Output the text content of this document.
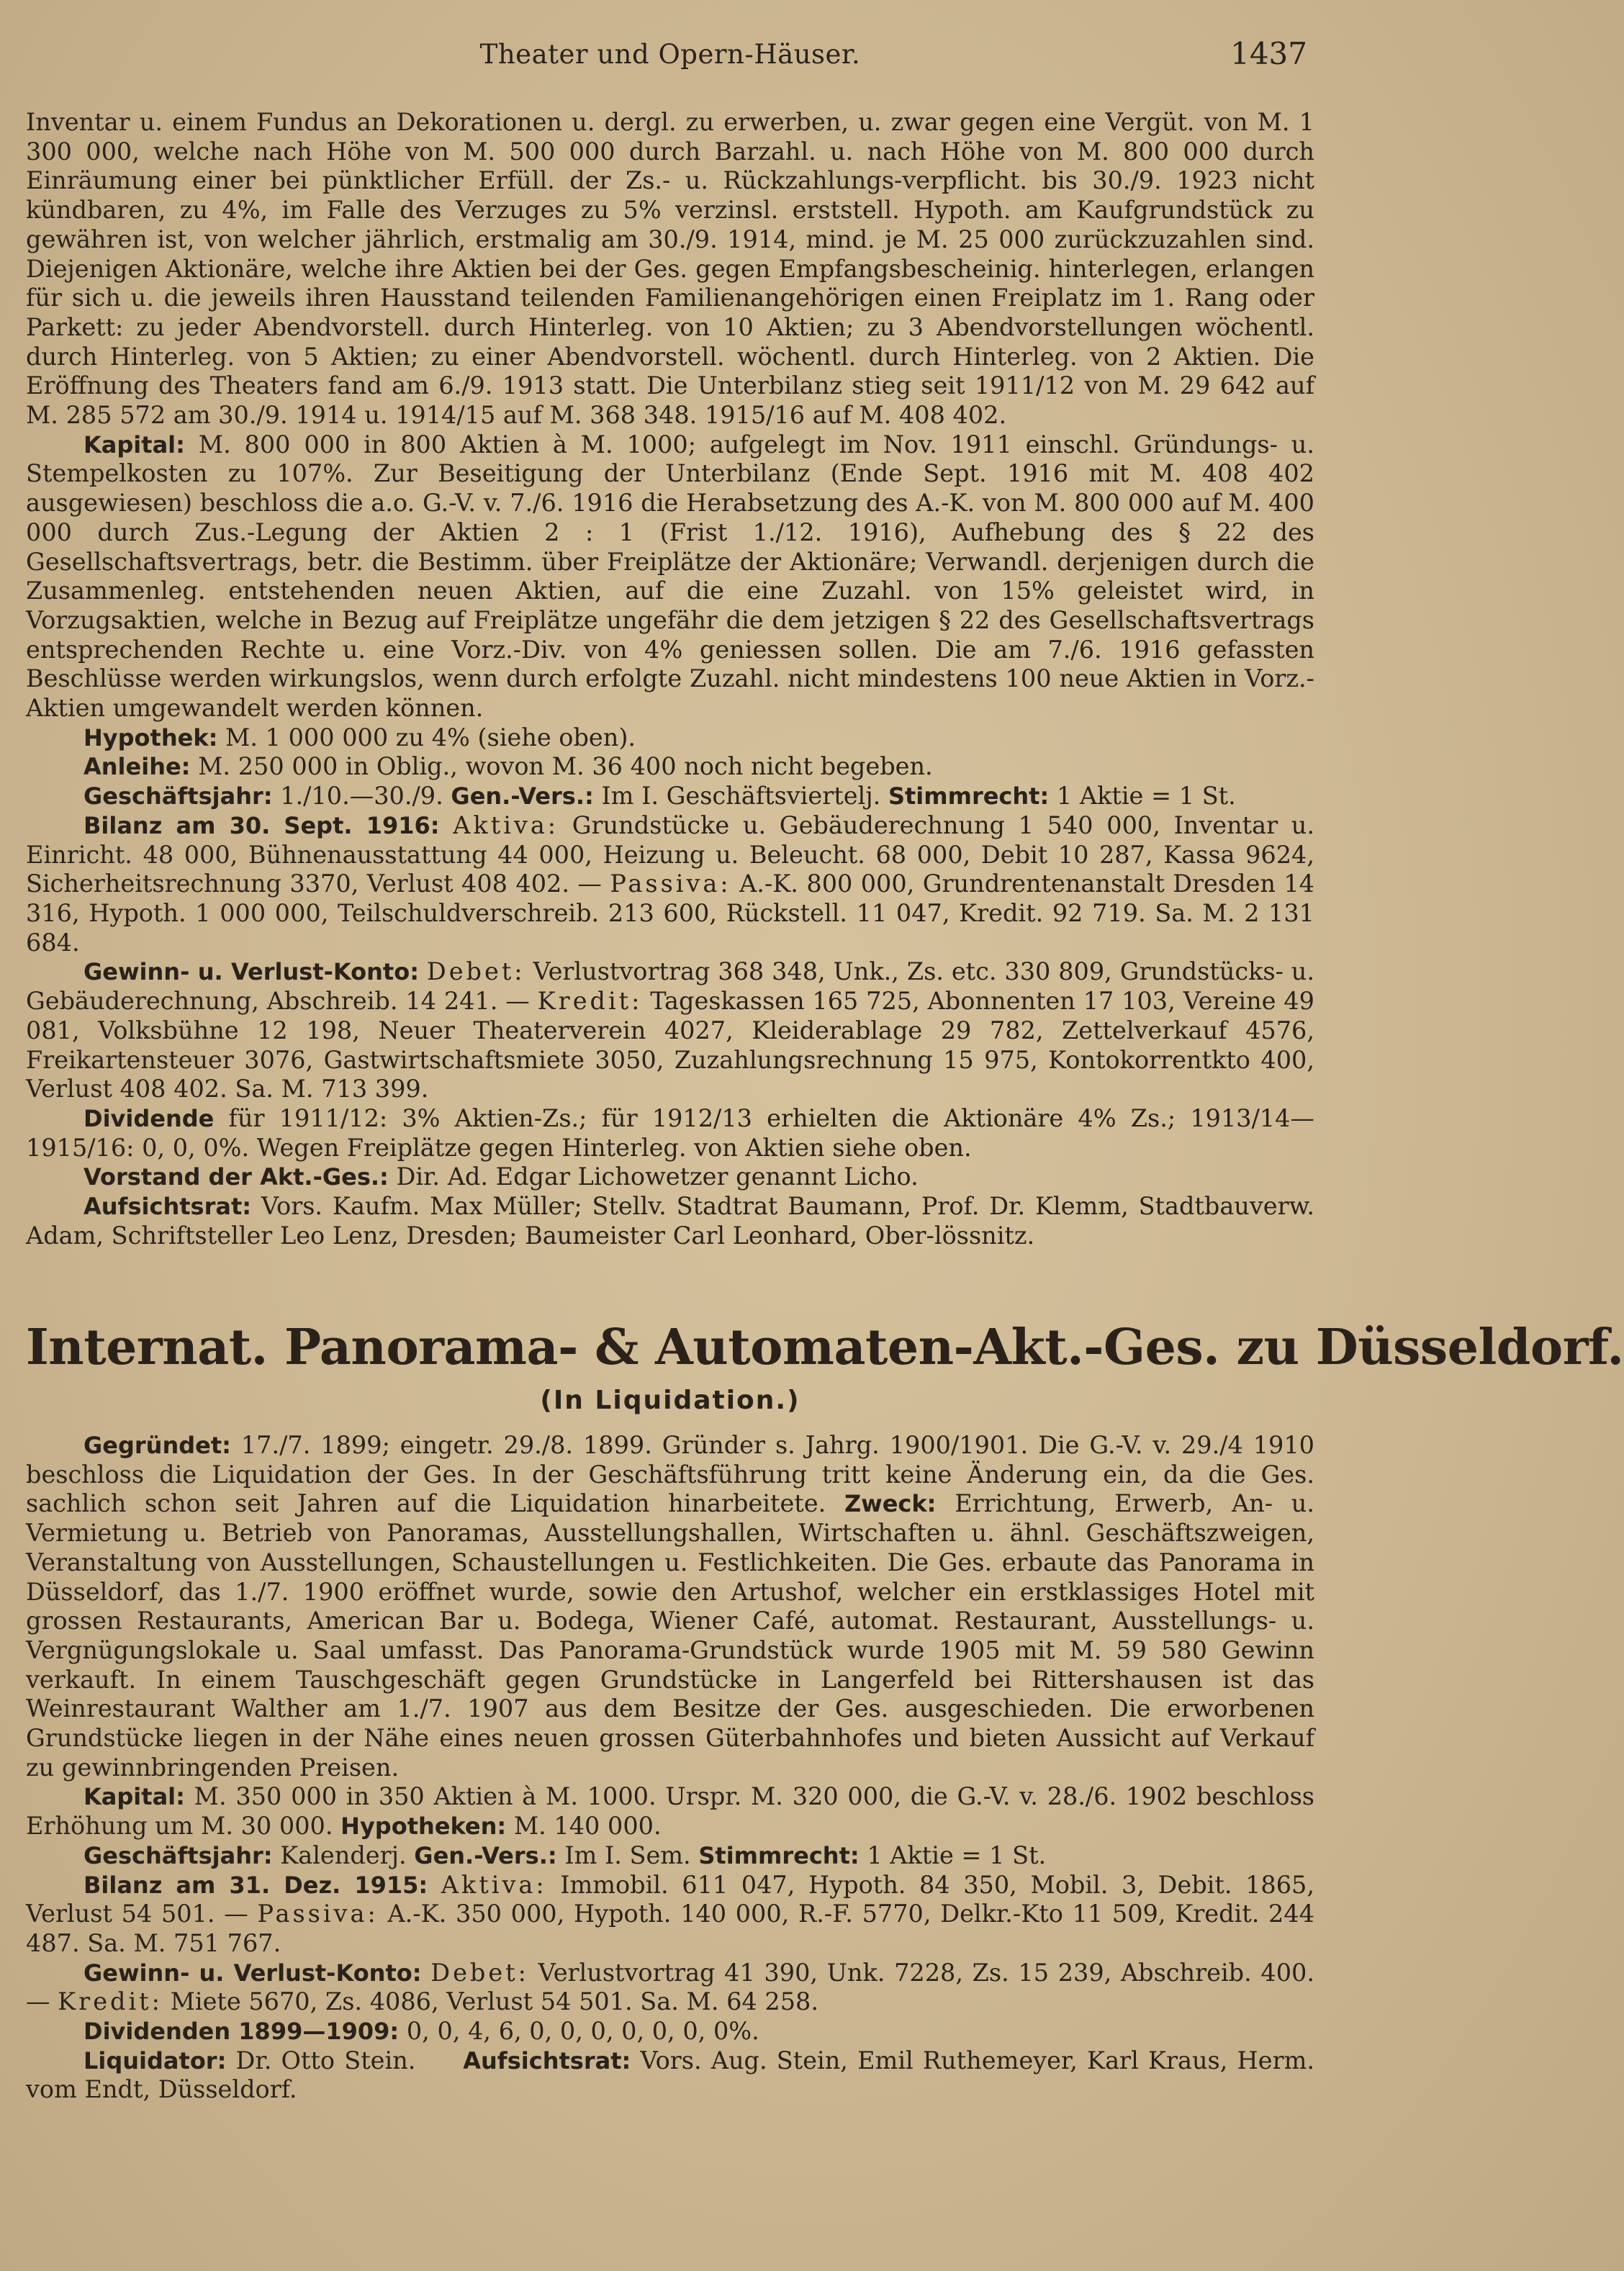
Theater und Opern-Häuser.	1437

Inventar u. einem Fundus an Dekorationen u. dergl. zu erwerben, u. zwar gegen eine Vergüt. von M. 1 300 000, welche nach Höhe von M. 500 000 durch Barzahl. u. nach Höhe von M. 800 000 durch Einräumung einer bei pünktlicher Erfüll. der Zs.- u. Rückzahlungs-verpflicht. bis 30./9. 1923 nicht kündbaren, zu 4%, im Falle des Verzuges zu 5% verzinsl. erststell. Hypoth. am Kaufgrundstück zu gewähren ist, von welcher jährlich, erstmalig am 30./9. 1914, mind. je M. 25 000 zurückzuzahlen sind. Diejenigen Aktionäre, welche ihre Aktien bei der Ges. gegen Empfangsbescheinig. hinterlegen, erlangen für sich u. die jeweils ihren Hausstand teilenden Familienangehörigen einen Freiplatz im 1. Rang oder Parkett: zu jeder Abendvorstell. durch Hinterleg. von 10 Aktien; zu 3 Abendvorstellungen wöchentl. durch Hinterleg. von 5 Aktien; zu einer Abendvorstell. wöchentl. durch Hinterleg. von 2 Aktien. Die Eröffnung des Theaters fand am 6./9. 1913 statt. Die Unterbilanz stieg seit 1911/12 von M. 29 642 auf M. 285 572 am 30./9. 1914 u. 1914/15 auf M. 368 348. 1915/16 auf M. 408 402.

Kapital: M. 800 000 in 800 Aktien à M. 1000; aufgelegt im Nov. 1911 einschl. Gründungs- u. Stempelkosten zu 107%. Zur Beseitigung der Unterbilanz (Ende Sept. 1916 mit M. 408 402 ausgewiesen) beschloss die a.o. G.-V. v. 7./6. 1916 die Herabsetzung des A.-K. von M. 800 000 auf M. 400 000 durch Zus.-Legung der Aktien 2 : 1 (Frist 1./12. 1916), Aufhebung des § 22 des Gesellschaftsvertrags, betr. die Bestimm. über Freiplätze der Aktionäre; Verwandl. derjenigen durch die Zusammenleg. entstehenden neuen Aktien, auf die eine Zuzahl. von 15% geleistet wird, in Vorzugsaktien, welche in Bezug auf Freiplätze ungefähr die dem jetzigen § 22 des Gesellschaftsvertrags entsprechenden Rechte u. eine Vorz.-Div. von 4% geniessen sollen. Die am 7./6. 1916 gefassten Beschlüsse werden wirkungslos, wenn durch erfolgte Zuzahl. nicht mindestens 100 neue Aktien in Vorz.-Aktien umgewandelt werden können.

Hypothek: M. 1 000 000 zu 4% (siehe oben).

Anleihe: M. 250 000 in Oblig., wovon M. 36 400 noch nicht begeben.

Geschäftsjahr: 1./10.—30./9. Gen.-Vers.: Im I. Geschäftsviertelj. Stimmrecht: 1 Aktie = 1 St.

Bilanz am 30. Sept. 1916: Aktiva: Grundstücke u. Gebäuderechnung 1 540 000, Inventar u. Einricht. 48 000, Bühnenausstattung 44 000, Heizung u. Beleucht. 68 000, Debit 10 287, Kassa 9624, Sicherheitsrechnung 3370, Verlust 408 402. — Passiva: A.-K. 800 000, Grundrentenanstalt Dresden 14 316, Hypoth. 1 000 000, Teilschuldverschreib. 213 600, Rückstell. 11 047, Kredit. 92 719. Sa. M. 2 131 684.

Gewinn- u. Verlust-Konto: Debet: Verlustvortrag 368 348, Unk., Zs. etc. 330 809, Grundstücks- u. Gebäuderechnung, Abschreib. 14 241. — Kredit: Tageskassen 165 725, Abonnenten 17 103, Vereine 49 081, Volksbühne 12 198, Neuer Theaterverein 4027, Kleiderablage 29 782, Zettelverkauf 4576, Freikartensteuer 3076, Gastwirtschaftsmiete 3050, Zuzahlungsrechnung 15 975, Kontokorrentkto 400, Verlust 408 402. Sa. M. 713 399.

Dividende für 1911/12: 3% Aktien-Zs.; für 1912/13 erhielten die Aktionäre 4% Zs.; 1913/14—1915/16: 0, 0, 0%. Wegen Freiplätze gegen Hinterleg. von Aktien siehe oben.

Vorstand der Akt.-Ges.: Dir. Ad. Edgar Lichowetzer genannt Licho.

Aufsichtsrat: Vors. Kaufm. Max Müller; Stellv. Stadtrat Baumann, Prof. Dr. Klemm, Stadtbauverw. Adam, Schriftsteller Leo Lenz, Dresden; Baumeister Carl Leonhard, Ober-lössnitz.

Internat. Panorama- & Automaten-Akt.-Ges. zu Düsseldorf.
(In Liquidation.)

Gegründet: 17./7. 1899; eingetr. 29./8. 1899. Gründer s. Jahrg. 1900/1901. Die G.-V. v. 29./4 1910 beschloss die Liquidation der Ges. In der Geschäftsführung tritt keine Änderung ein, da die Ges. sachlich schon seit Jahren auf die Liquidation hinarbeitete. Zweck: Errichtung, Erwerb, An- u. Vermietung u. Betrieb von Panoramas, Ausstellungshallen, Wirtschaften u. ähnl. Geschäftszweigen, Veranstaltung von Ausstellungen, Schaustellungen u. Festlichkeiten. Die Ges. erbaute das Panorama in Düsseldorf, das 1./7. 1900 eröffnet wurde, sowie den Artushof, welcher ein erstklassiges Hotel mit grossen Restaurants, American Bar u. Bodega, Wiener Café, automat. Restaurant, Ausstellungs- u. Vergnügungslokale u. Saal umfasst. Das Panorama-Grundstück wurde 1905 mit M. 59 580 Gewinn verkauft. In einem Tauschgeschäft gegen Grundstücke in Langerfeld bei Rittershausen ist das Weinrestaurant Walther am 1./7. 1907 aus dem Besitze der Ges. ausgeschieden. Die erworbenen Grundstücke liegen in der Nähe eines neuen grossen Güterbahnhofes und bieten Aussicht auf Verkauf zu gewinnbringenden Preisen.

Kapital: M. 350 000 in 350 Aktien à M. 1000. Urspr. M. 320 000, die G.-V. v. 28./6. 1902 beschloss Erhöhung um M. 30 000. Hypotheken: M. 140 000.

Geschäftsjahr: Kalenderj. Gen.-Vers.: Im I. Sem. Stimmrecht: 1 Aktie = 1 St.

Bilanz am 31. Dez. 1915: Aktiva: Immobil. 611 047, Hypoth. 84 350, Mobil. 3, Debit. 1865, Verlust 54 501. — Passiva: A.-K. 350 000, Hypoth. 140 000, R.-F. 5770, Delkr.-Kto 11 509, Kredit. 244 487. Sa. M. 751 767.

Gewinn- u. Verlust-Konto: Debet: Verlustvortrag 41 390, Unk. 7228, Zs. 15 239, Abschreib. 400. — Kredit: Miete 5670, Zs. 4086, Verlust 54 501. Sa. M. 64 258.

Dividenden 1899—1909: 0, 0, 4, 6, 0, 0, 0, 0, 0, 0, 0%.

Liquidator: Dr. Otto Stein. Aufsichtsrat: Vors. Aug. Stein, Emil Ruthemeyer, Karl Kraus, Herm. vom Endt, Düsseldorf.
